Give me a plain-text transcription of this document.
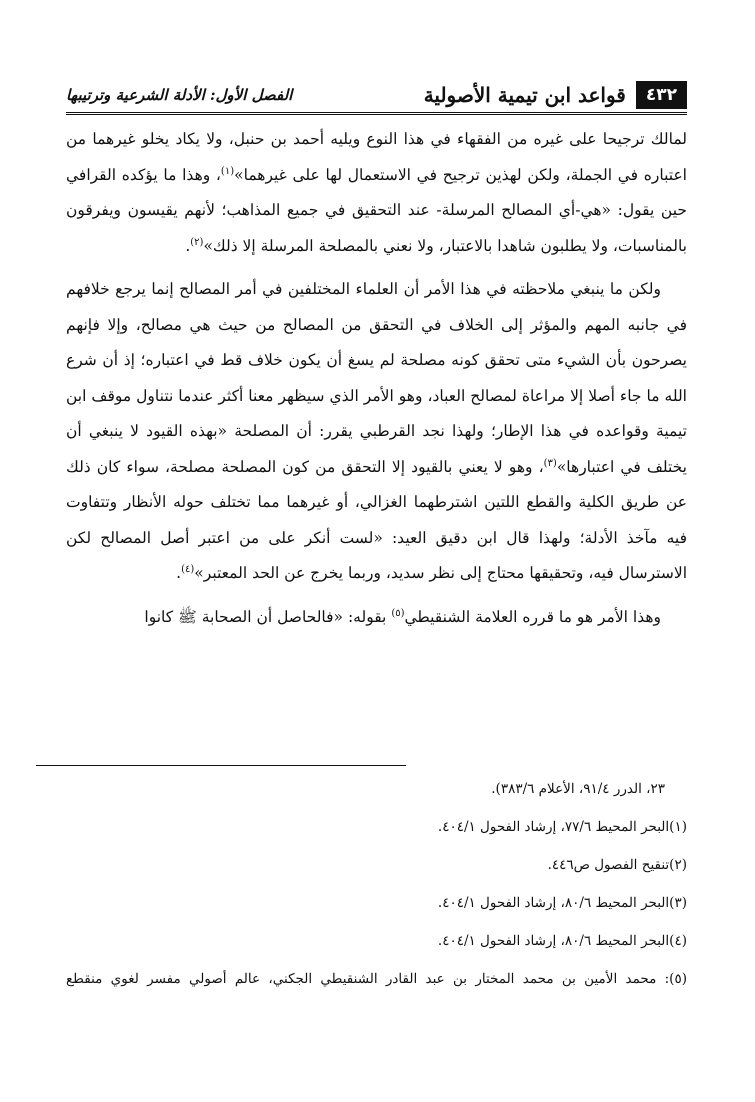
٤٣٢
قواعد ابن تيمية الأصولية
الفصل الأول: الأدلة الشرعية وترتيبها

لمالك ترجيحا على غيره من الفقهاء في هذا النوع ويليه أحمد بن حنبل، ولا يكاد يخلو غيرهما من اعتباره في الجملة، ولكن لهذين ترجيح في الاستعمال لها على غيرهما»$^{(١)}$، وهذا ما يؤكده القرافي حين يقول: «هي-أي المصالح المرسلة- عند التحقيق في جميع المذاهب؛ لأنهم يقيسون ويفرقون بالمناسبات، ولا يطلبون شاهدا بالاعتبار، ولا نعني بالمصلحة المرسلة إلا ذلك»$^{(٢)}$.

ولكن ما ينبغي ملاحظته في هذا الأمر أن العلماء المختلفين في أمر المصالح إنما يرجع خلافهم في جانبه المهم والمؤثر إلى الخلاف في التحقق من المصالح من حيث هي مصالح، وإلا فإنهم يصرحون بأن الشيء متى تحقق كونه مصلحة لم يسغ أن يكون خلاف قط في اعتباره؛ إذ أن شرع الله ما جاء أصلا إلا مراعاة لمصالح العباد، وهو الأمر الذي سيظهر معنا أكثر عندما نتناول موقف ابن تيمية وقواعده في هذا الإطار؛ ولهذا نجد القرطبي يقرر: أن المصلحة «بهذه القيود لا ينبغي أن يختلف في اعتبارها»$^{(٣)}$، وهو لا يعني بالقيود إلا التحقق من كون المصلحة مصلحة، سواء كان ذلك عن طريق الكلية والقطع اللتين اشترطهما الغزالي، أو غيرهما مما تختلف حوله الأنظار وتتفاوت فيه مآخذ الأدلة؛ ولهذا قال ابن دقيق العيد: «لست أنكر على من اعتبر أصل المصالح لكن الاسترسال فيه، وتحقيقها محتاج إلى نظر سديد، وربما يخرج عن الحد المعتبر»$^{(٤)}$.

وهذا الأمر هو ما قرره العلامة الشنقيطي$^{(٥)}$ بقوله: «فالحاصل أن الصحابة ﷺ كانوا

٢٣، الدرر ٩١/٤، الأعلام ٣٨٣/٦).
(١)البحر المحيط ٧٧/٦، إرشاد الفحول ٤٠٤/١.
(٢)تنقيح الفصول ص٤٤٦.
(٣)البحر المحيط ٨٠/٦، إرشاد الفحول ٤٠٤/١.
(٤)البحر المحيط ٨٠/٦، إرشاد الفحول ٤٠٤/١.
(٥): محمد الأمين بن محمد المختار بن عبد القادر الشنقيطي الجكني، عالم أصولي مفسر لغوي منقطع
